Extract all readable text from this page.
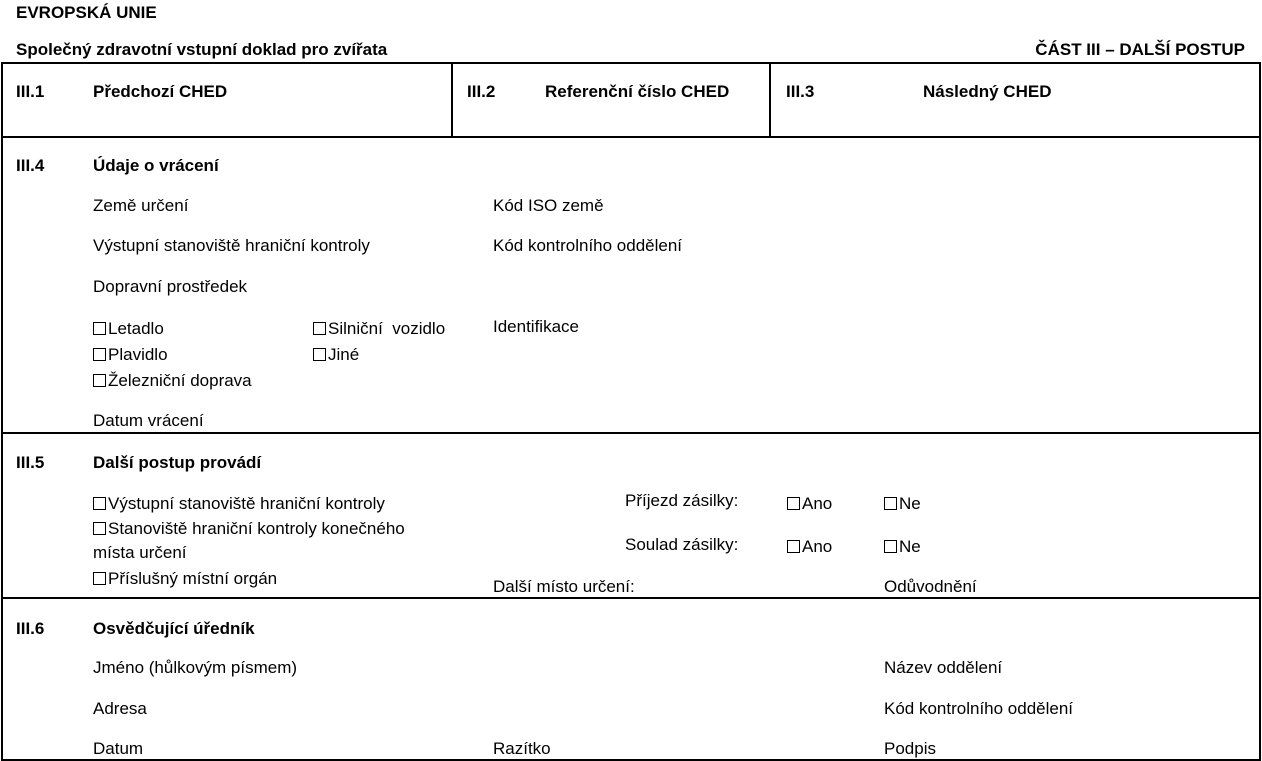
EVROPSKÁ UNIE
Společný zdravotní vstupní doklad pro zvířata	ČÁST III – DALŠÍ POSTUP
III.1	Předchozí CHED	III.2	Referenční číslo CHED	III.3	Následný CHED
III.4	Údaje o vrácení
Země určení	Kód ISO země
Výstupní stanoviště hraniční kontroly	Kód kontrolního oddělení
Dopravní prostředek
Letadlo	Silniční  vozidlo	Identifikace
Plavidlo	Jiné
Železniční doprava
Datum vrácení
III.5	Další postup provádí
Výstupní stanoviště hraniční kontroly
Stanoviště hraniční kontroly konečného
místa určení
Příslušný místní orgán
Příjezd zásilky:	Ano	Ne
Soulad zásilky:	Ano	Ne
Další místo určení:	Odůvodnění
III.6	Osvědčující úředník
Jméno (hůlkovým písmem)	Název oddělení
Adresa	Kód kontrolního oddělení
Datum	Razítko	Podpis
